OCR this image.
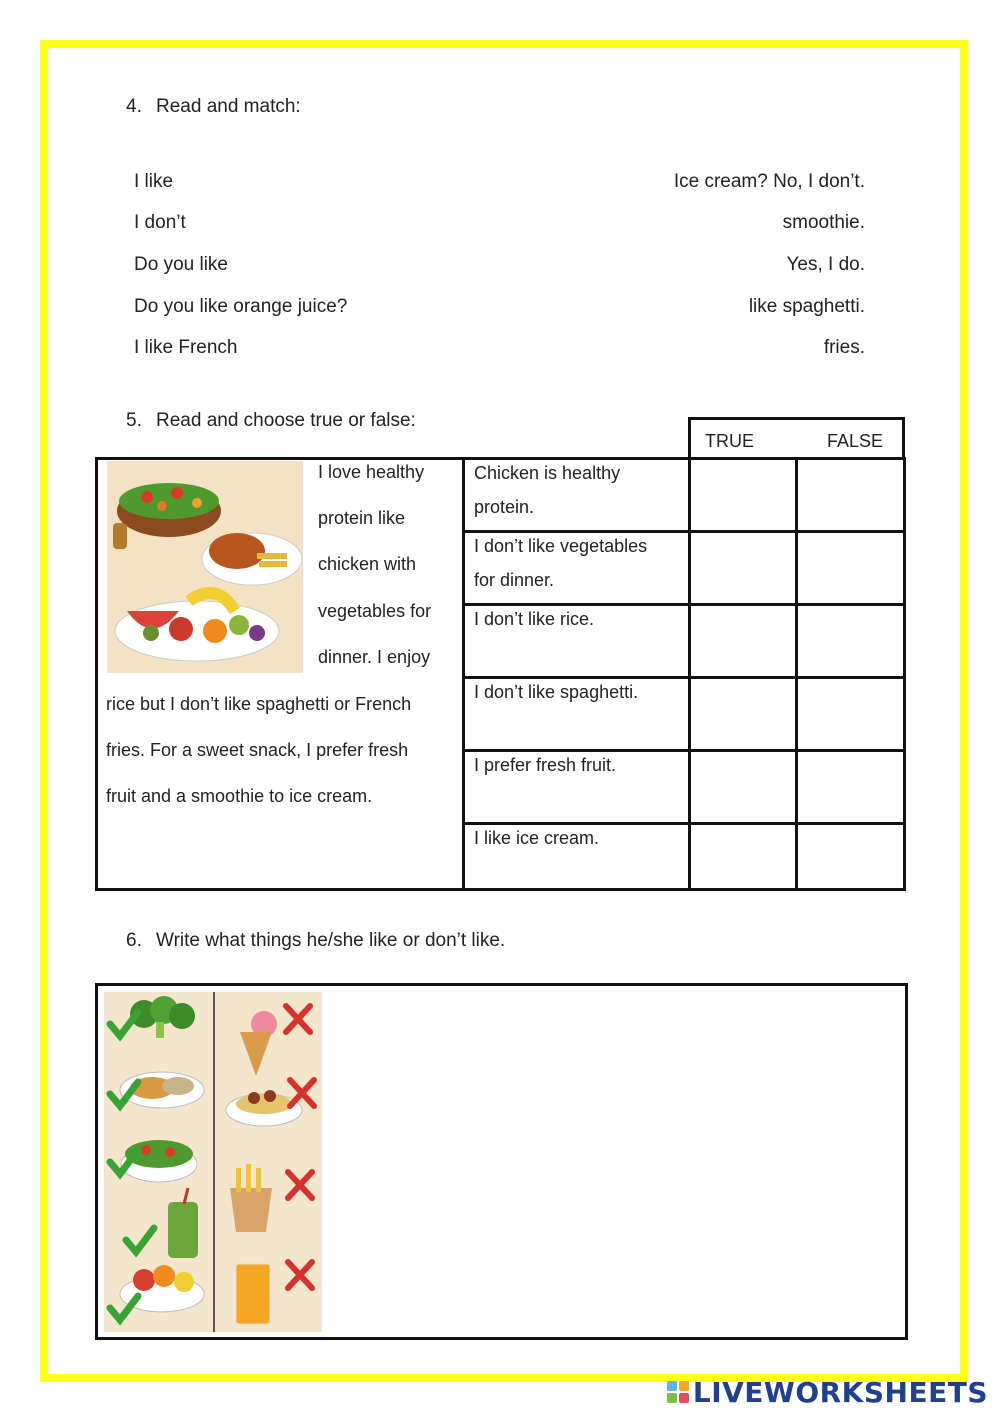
4. Read and match:
I like
I don’t
Do you like
Do you like orange juice?
I like French
Ice cream? No, I don’t.
smoothie.
Yes, I do.
like spaghetti.
fries.
5. Read and choose true or false:
TRUE	FALSE
I love healthy
protein like
chicken with
vegetables for
dinner. I enjoy
rice but I don’t like spaghetti or French
fries. For a sweet snack, I prefer fresh
fruit and a smoothie to ice cream.
Chicken is healthy
protein.
I don’t like vegetables
for dinner.
I don’t like rice.
I don’t like spaghetti.
I prefer fresh fruit.
I like ice cream.
6. Write what things he/she like or don’t like.
LIVEWORKSHEETS
